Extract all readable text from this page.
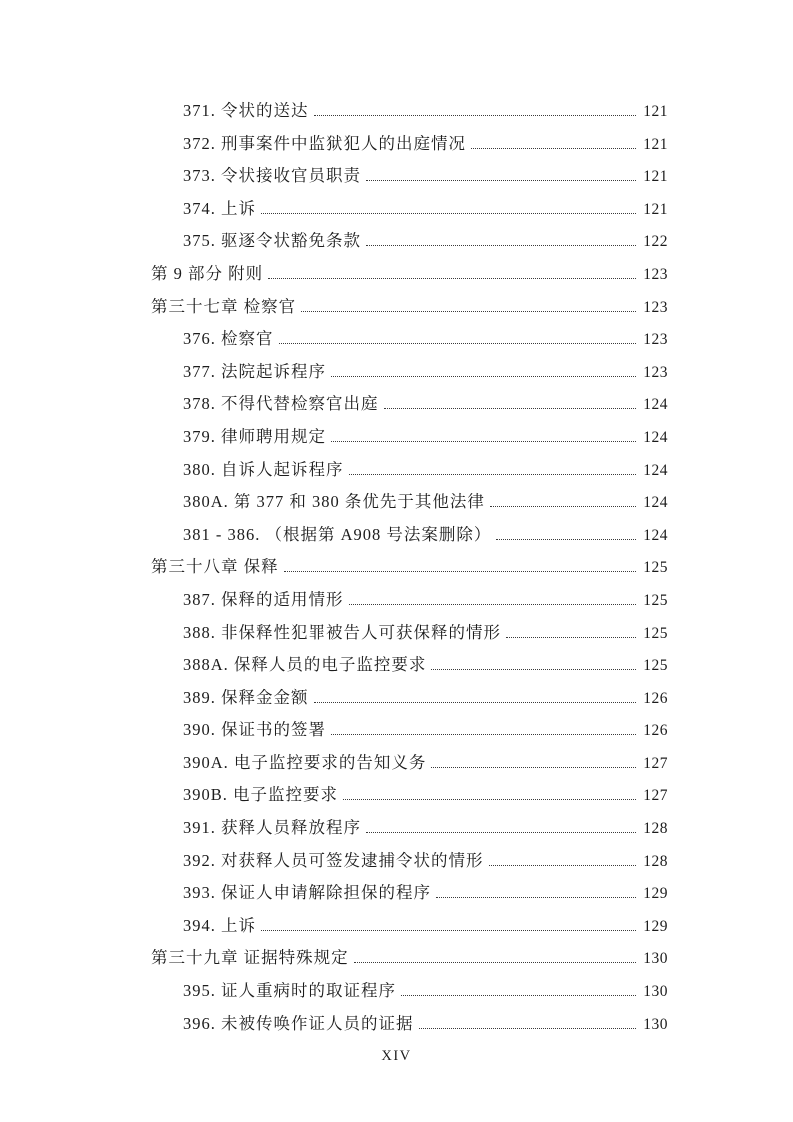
371. 令状的送达	121
372. 刑事案件中监狱犯人的出庭情况	121
373. 令状接收官员职责	121
374. 上诉	121
375. 驱逐令状豁免条款	122
第 9 部分 附则	123
第三十七章 检察官	123
376. 检察官	123
377. 法院起诉程序	123
378. 不得代替检察官出庭	124
379. 律师聘用规定	124
380. 自诉人起诉程序	124
380A. 第 377 和 380 条优先于其他法律	124
381 - 386. （根据第 A908 号法案删除）	124
第三十八章 保释	125
387. 保释的适用情形	125
388. 非保释性犯罪被告人可获保释的情形	125
388A. 保释人员的电子监控要求	125
389. 保释金金额	126
390. 保证书的签署	126
390A. 电子监控要求的告知义务	127
390B. 电子监控要求	127
391. 获释人员释放程序	128
392. 对获释人员可签发逮捕令状的情形	128
393. 保证人申请解除担保的程序	129
394. 上诉	129
第三十九章 证据特殊规定	130
395. 证人重病时的取证程序	130
396. 未被传唤作证人员的证据	130
XIV
